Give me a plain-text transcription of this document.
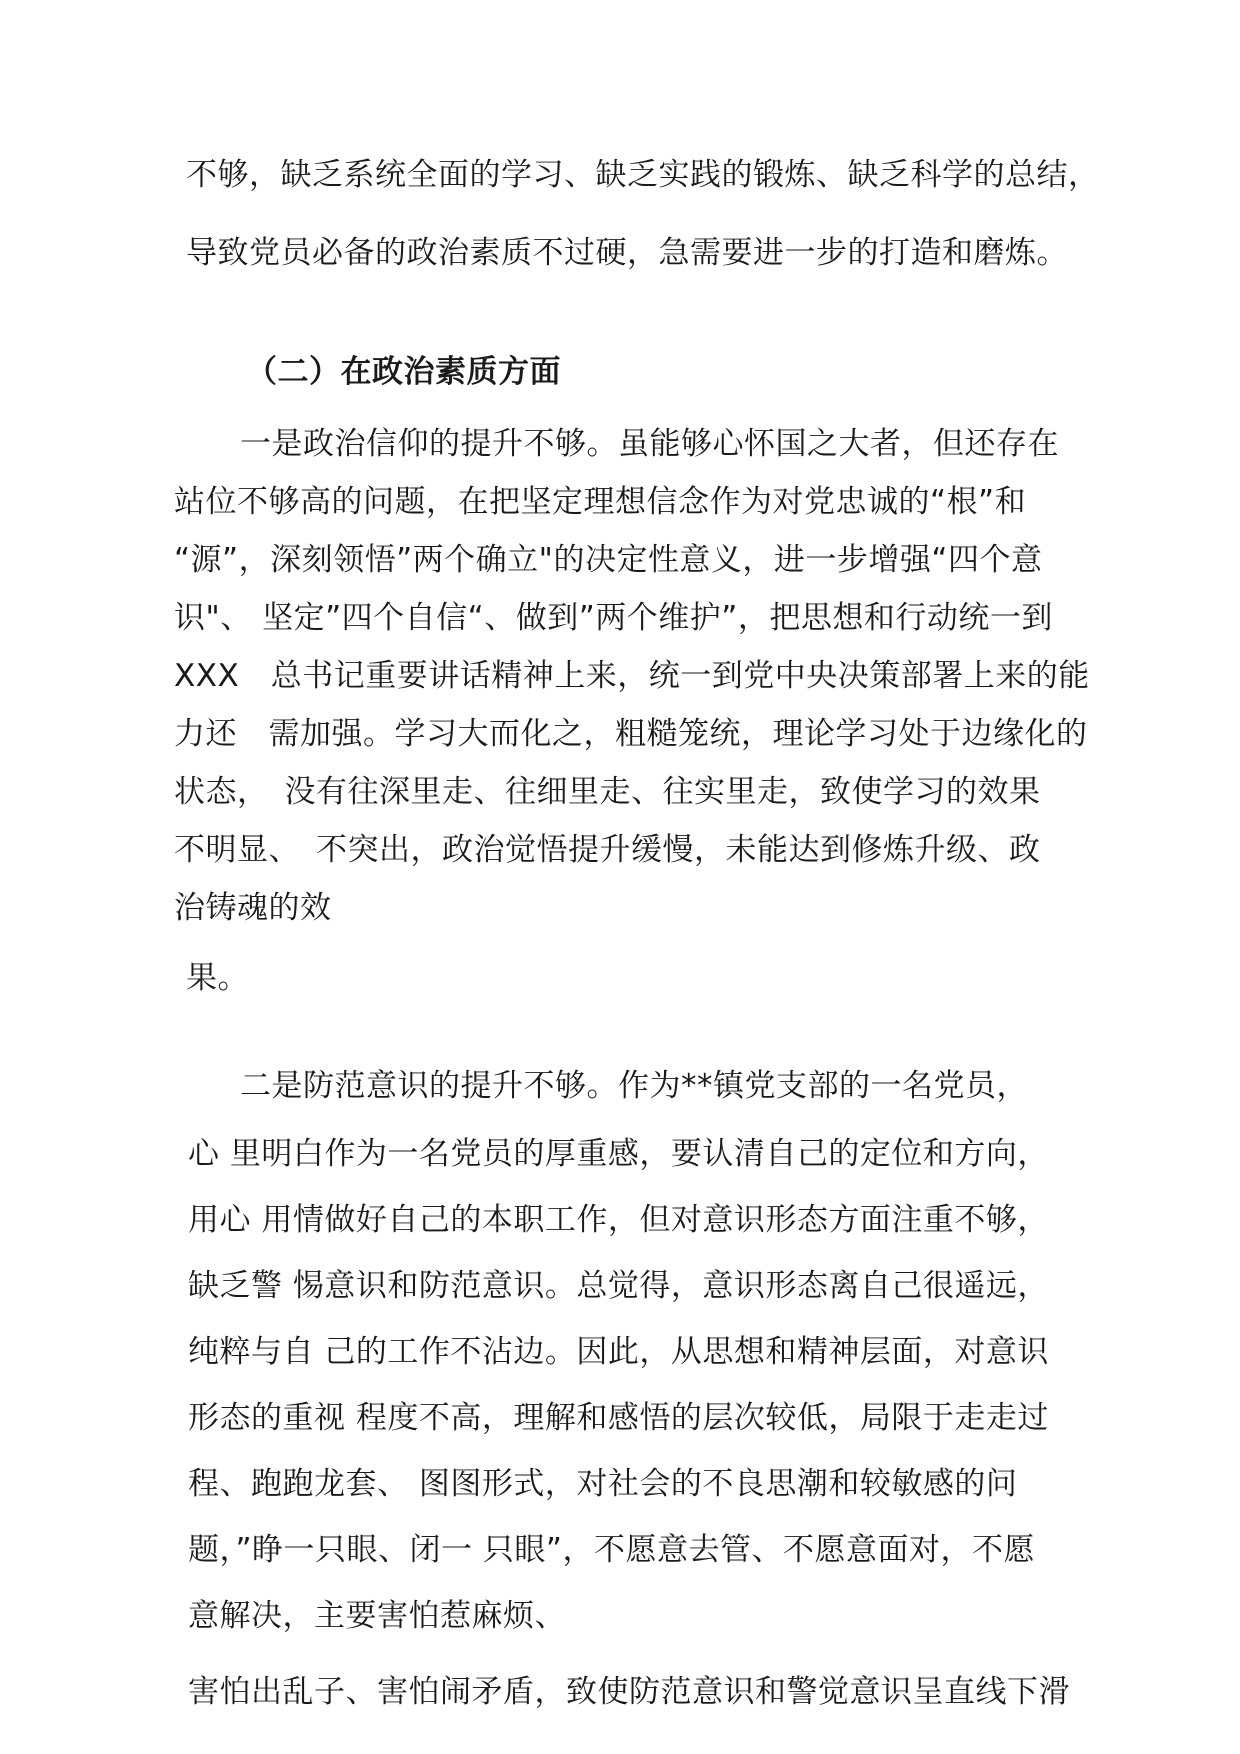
不够，缺乏系统全面的学习、缺乏实践的锻炼、缺乏科学的总结，
导致党员必备的政治素质不过硬，急需要进一步的打造和磨炼。
（二）在政治素质方面
一是政治信仰的提升不够。虽能够心怀国之大者，但还存在
站位不够高的问题，在把坚定理想信念作为对党忠诚的“根”和
“源”，深刻领悟”两个确立"的决定性意义，进一步增强“四个意
识"、 坚定”四个自信“、做到”两个维护”，把思想和行动统一到
XXX　总书记重要讲话精神上来，统一到党中央决策部署上来的能
力还　需加强。学习大而化之，粗糙笼统，理论学习处于边缘化的
状态，　没有往深里走、往细里走、往实里走，致使学习的效果
不明显、　不突出，政治觉悟提升缓慢，未能达到修炼升级、政
治铸魂的效
果。
二是防范意识的提升不够。作为**镇党支部的一名党员，
心 里明白作为一名党员的厚重感，要认清自己的定位和方向，
用心 用情做好自己的本职工作，但对意识形态方面注重不够，
缺乏警 惕意识和防范意识。总觉得，意识形态离自己很遥远，
纯粹与自 己的工作不沾边。因此，从思想和精神层面，对意识
形态的重视 程度不高，理解和感悟的层次较低，局限于走走过
程、跑跑龙套、 图图形式，对社会的不良思潮和较敏感的问
题，”睁一只眼、闭一 只眼”，不愿意去管、不愿意面对，不愿
意解决，主要害怕惹麻烦、
害怕出乱子、害怕闹矛盾，致使防范意识和警觉意识呈直线下滑
